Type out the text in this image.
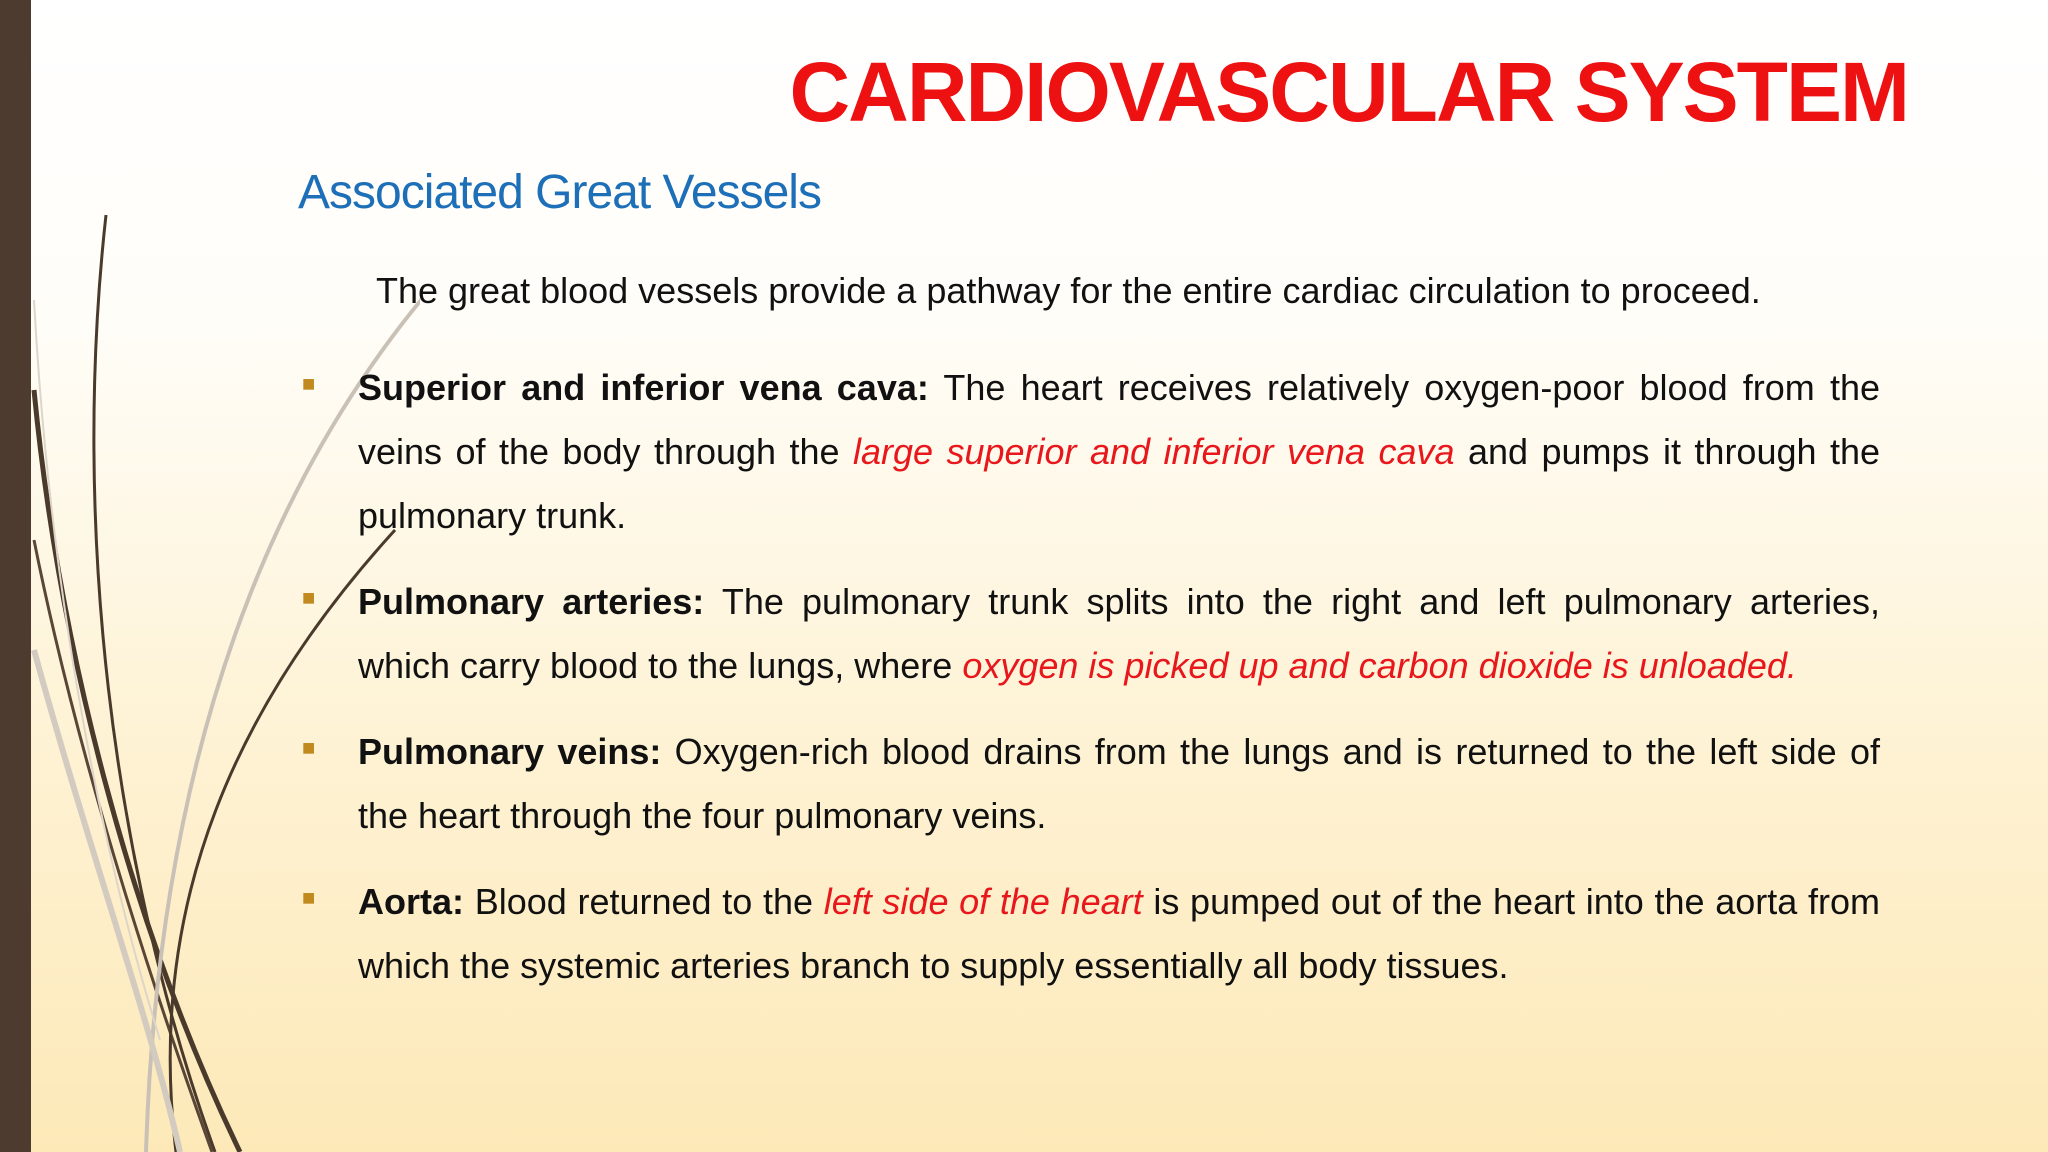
CARDIOVASCULAR SYSTEM
Associated Great Vessels

The great blood vessels provide a pathway for the entire cardiac circulation to proceed.

■ Superior and inferior vena cava: The heart receives relatively oxygen-poor blood from the veins of the body through the large superior and inferior vena cava and pumps it through the pulmonary trunk.
■ Pulmonary arteries: The pulmonary trunk splits into the right and left pulmonary arteries, which carry blood to the lungs, where oxygen is picked up and carbon dioxide is unloaded.
■ Pulmonary veins: Oxygen-rich blood drains from the lungs and is returned to the left side of the heart through the four pulmonary veins.
■ Aorta: Blood returned to the left side of the heart is pumped out of the heart into the aorta from which the systemic arteries branch to supply essentially all body tissues.
